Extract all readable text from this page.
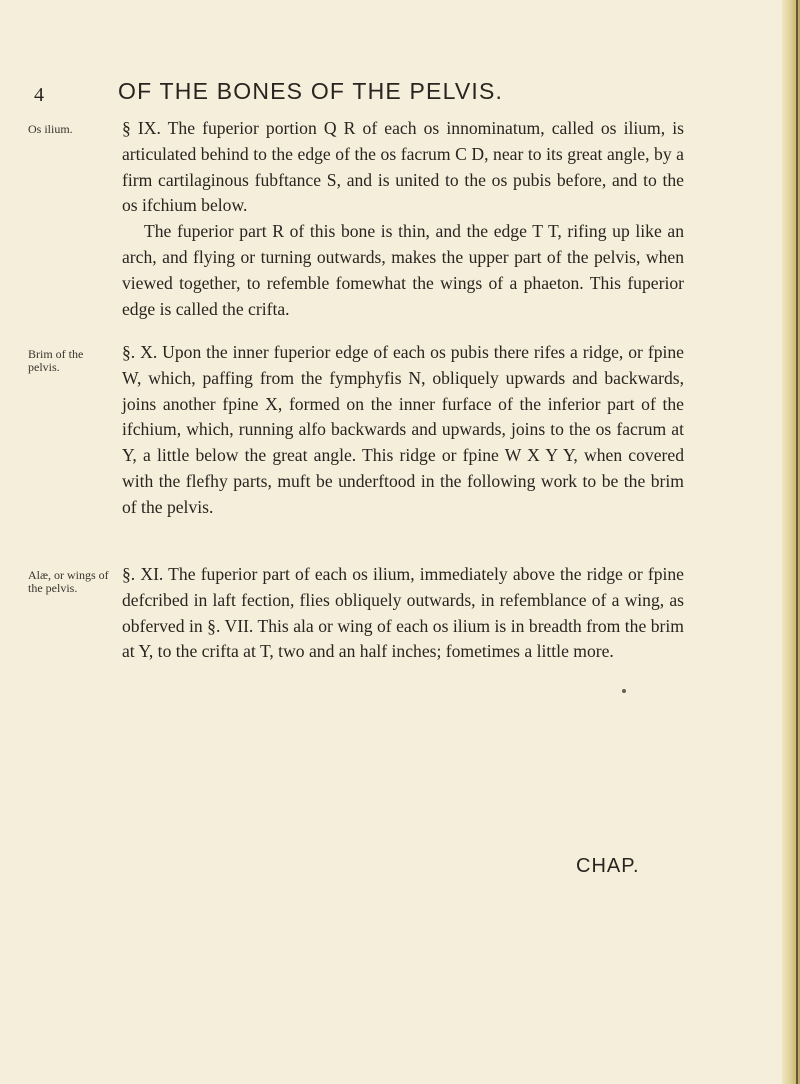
4	OF THE BONES OF THE PELVIS.
Os ilium.	§ IX. The fuperior portion Q R of each os innominatum, called os ilium, is articulated behind to the edge of the os facrum C D, near to its great angle, by a firm cartilaginous fubftance S, and is united to the os pubis before, and to the os ifchium below.

The fuperior part R of this bone is thin, and the edge T T, rifing up like an arch, and flying or turning outwards, makes the upper part of the pelvis, when viewed together, to refemble fomewhat the wings of a phaeton. This fuperior edge is called the crifta.

Brim of the pelvis.

§. X. Upon the inner fuperior edge of each os pubis there rifes a ridge, or fpine W, which, paffing from the fymphyfis N, obliquely upwards and backwards, joins another fpine X, formed on the inner furface of the inferior part of the ifchium, which, running alfo backwards and upwards, joins to the os facrum at Y, a little below the great angle. This ridge or fpine W X Y Y, when covered with the flefhy parts, muft be underftood in the following work to be the brim of the pelvis.

Alæ, or wings of the pelvis.

§. XI. The fuperior part of each os ilium, immediately above the ridge or fpine defcribed in laft fection, flies obliquely outwards, in refemblance of a wing, as obferved in §. VII. This ala or wing of each os ilium is in breadth from the brim at Y, to the crifta at T, two and an half inches; fometimes a little more.

CHAP.
